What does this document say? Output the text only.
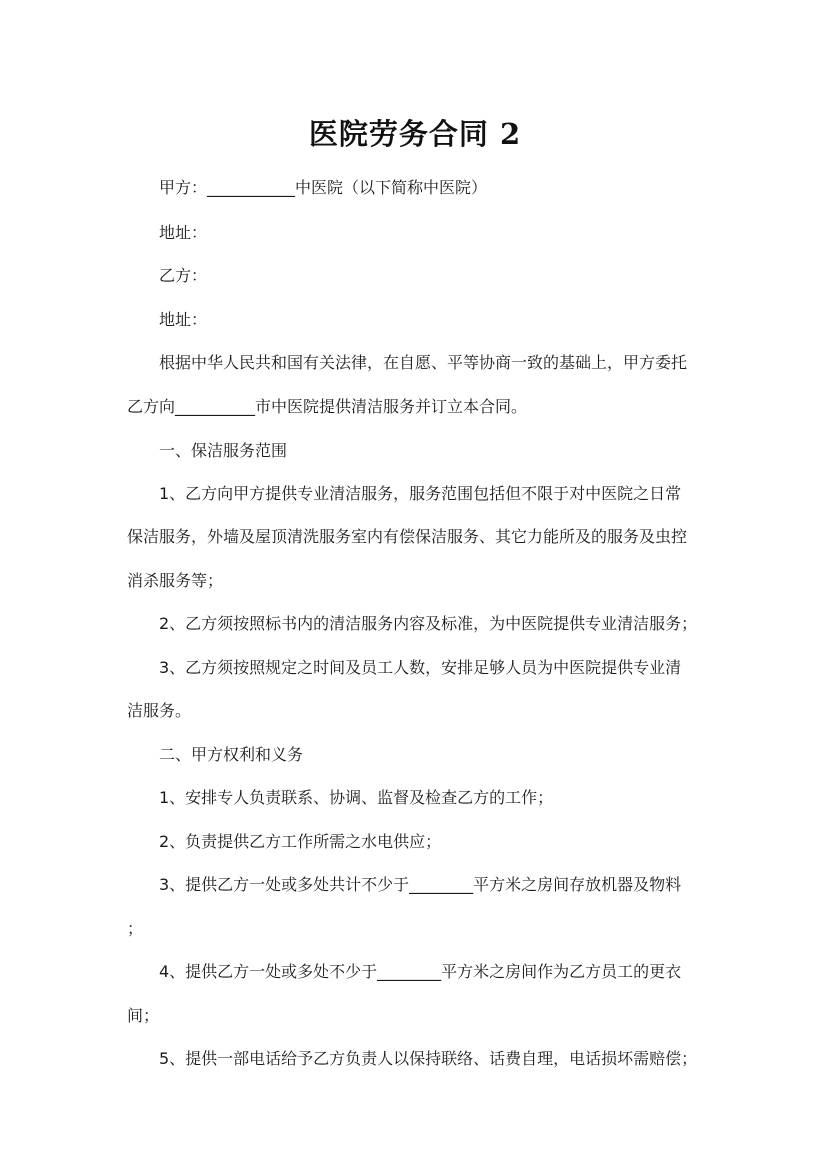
医院劳务合同 2
甲方：___________中医院（以下简称中医院）
地址：
乙方：
地址：
根据中华人民共和国有关法律，在自愿、平等协商一致的基础上，甲方委托
乙方向__________市中医院提供清洁服务并订立本合同。
一、保洁服务范围
1、乙方向甲方提供专业清洁服务，服务范围包括但不限于对中医院之日常
保洁服务，外墙及屋顶清洗服务室内有偿保洁服务、其它力能所及的服务及虫控
消杀服务等；
2、乙方须按照标书内的清洁服务内容及标准，为中医院提供专业清洁服务；
3、乙方须按照规定之时间及员工人数，安排足够人员为中医院提供专业清
洁服务。
二、甲方权利和义务
1、安排专人负责联系、协调、监督及检查乙方的工作；
2、负责提供乙方工作所需之水电供应；
3、提供乙方一处或多处共计不少于________平方米之房间存放机器及物料
；
4、提供乙方一处或多处不少于________平方米之房间作为乙方员工的更衣
间；
5、提供一部电话给予乙方负责人以保持联络、话费自理，电话损坏需赔偿；
